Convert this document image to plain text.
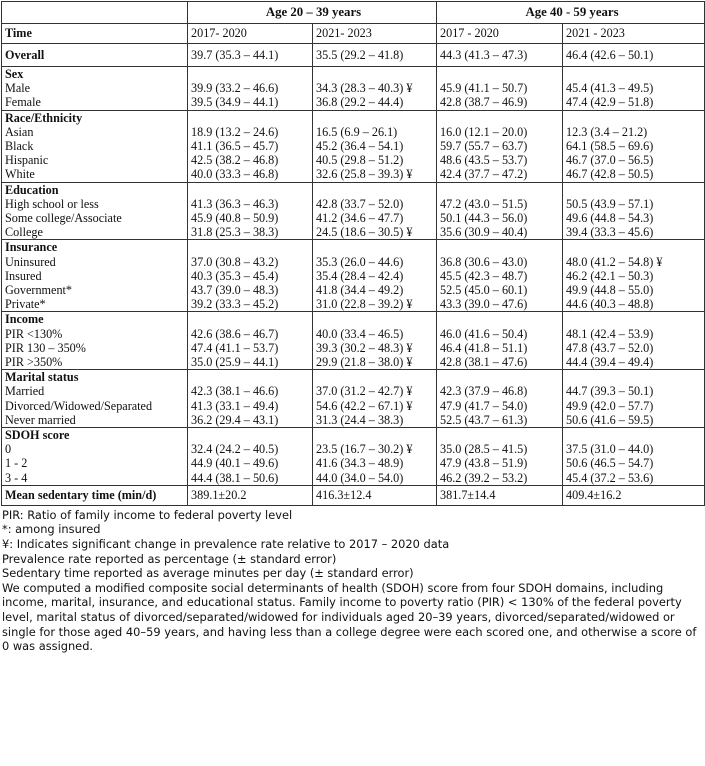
	Age 20 – 39 years		Age 40 - 59 years	
Time	2017- 2020	2021- 2023	2017 - 2020	2021 - 2023
Overall	39.7 (35.3 – 44.1)	35.5 (29.2 – 41.8)	44.3 (41.3 – 47.3)	46.4 (42.6 – 50.1)
Sex				
Male	39.9 (33.2 – 46.6)	34.3 (28.3 – 40.3) ¥	45.9 (41.1 – 50.7)	45.4 (41.3 – 49.5)
Female	39.5 (34.9 – 44.1)	36.8 (29.2 – 44.4)	42.8 (38.7 – 46.9)	47.4 (42.9 – 51.8)
Race/Ethnicity				
Asian	18.9 (13.2 – 24.6)	16.5 (6.9 – 26.1)	16.0 (12.1 – 20.0)	12.3 (3.4 – 21.2)
Black	41.1 (36.5 – 45.7)	45.2 (36.4 – 54.1)	59.7 (55.7 – 63.7)	64.1 (58.5 – 69.6)
Hispanic	42.5 (38.2 – 46.8)	40.5 (29.8 – 51.2)	48.6 (43.5 – 53.7)	46.7 (37.0 – 56.5)
White	40.0 (33.3 – 46.8)	32.6 (25.8 – 39.3) ¥	42.4 (37.7 – 47.2)	46.7 (42.8 – 50.5)
Education				
High school or less	41.3 (36.3 – 46.3)	42.8 (33.7 – 52.0)	47.2 (43.0 – 51.5)	50.5 (43.9 – 57.1)
Some college/Associate	45.9 (40.8 – 50.9)	41.2 (34.6 – 47.7)	50.1 (44.3 – 56.0)	49.6 (44.8 – 54.3)
College	31.8 (25.3 – 38.3)	24.5 (18.6 – 30.5) ¥	35.6 (30.9 – 40.4)	39.4 (33.3 – 45.6)
Insurance				
Uninsured	37.0 (30.8 – 43.2)	35.3 (26.0 – 44.6)	36.8 (30.6 – 43.0)	48.0 (41.2 – 54.8) ¥
Insured	40.3 (35.3 – 45.4)	35.4 (28.4 – 42.4)	45.5 (42.3 – 48.7)	46.2 (42.1 – 50.3)
Government*	43.7 (39.0 – 48.3)	41.8 (34.4 – 49.2)	52.5 (45.0 – 60.1)	49.9 (44.8 – 55.0)
Private*	39.2 (33.3 – 45.2)	31.0 (22.8 – 39.2) ¥	43.3 (39.0 – 47.6)	44.6 (40.3 – 48.8)
Income				
PIR <130%	42.6 (38.6 – 46.7)	40.0 (33.4 – 46.5)	46.0 (41.6 – 50.4)	48.1 (42.4 – 53.9)
PIR 130 – 350%	47.4 (41.1 – 53.7)	39.3 (30.2 – 48.3) ¥	46.4 (41.8 – 51.1)	47.8 (43.7 – 52.0)
PIR >350%	35.0 (25.9 – 44.1)	29.9 (21.8 – 38.0) ¥	42.8 (38.1 – 47.6)	44.4 (39.4 – 49.4)
Marital status				
Married	42.3 (38.1 – 46.6)	37.0 (31.2 – 42.7) ¥	42.3 (37.9 – 46.8)	44.7 (39.3 – 50.1)
Divorced/Widowed/Separated	41.3 (33.1 – 49.4)	54.6 (42.2 – 67.1) ¥	47.9 (41.7 – 54.0)	49.9 (42.0 – 57.7)
Never married	36.2 (29.4 – 43.1)	31.3 (24.4 – 38.3)	52.5 (43.7 – 61.3)	50.6 (41.6 – 59.5)
SDOH score				
0	32.4 (24.2 – 40.5)	23.5 (16.7 – 30.2) ¥	35.0 (28.5 – 41.5)	37.5 (31.0 – 44.0)
1 - 2	44.9 (40.1 – 49.6)	41.6 (34.3 – 48.9)	47.9 (43.8 – 51.9)	50.6 (46.5 – 54.7)
3 - 4	44.4 (38.1 – 50.6)	44.0 (34.0 – 54.0)	46.2 (39.2 – 53.2)	45.4 (37.2 – 53.6)
Mean sedentary time (min/d)	389.1±20.2	416.3±12.4	381.7±14.4	409.4±16.2
PIR: Ratio of family income to federal poverty level
*: among insured
¥: Indicates significant change in prevalence rate relative to 2017 – 2020 data
Prevalence rate reported as percentage (± standard error)
Sedentary time reported as average minutes per day (± standard error)
We computed a modified composite social determinants of health (SDOH) score from four SDOH domains, including income, marital, insurance, and educational status. Family income to poverty ratio (PIR) < 130% of the federal poverty level, marital status of divorced/separated/widowed for individuals aged 20–39 years, divorced/separated/widowed or single for those aged 40–59 years, and having less than a college degree were each scored one, and otherwise a score of 0 was assigned.
